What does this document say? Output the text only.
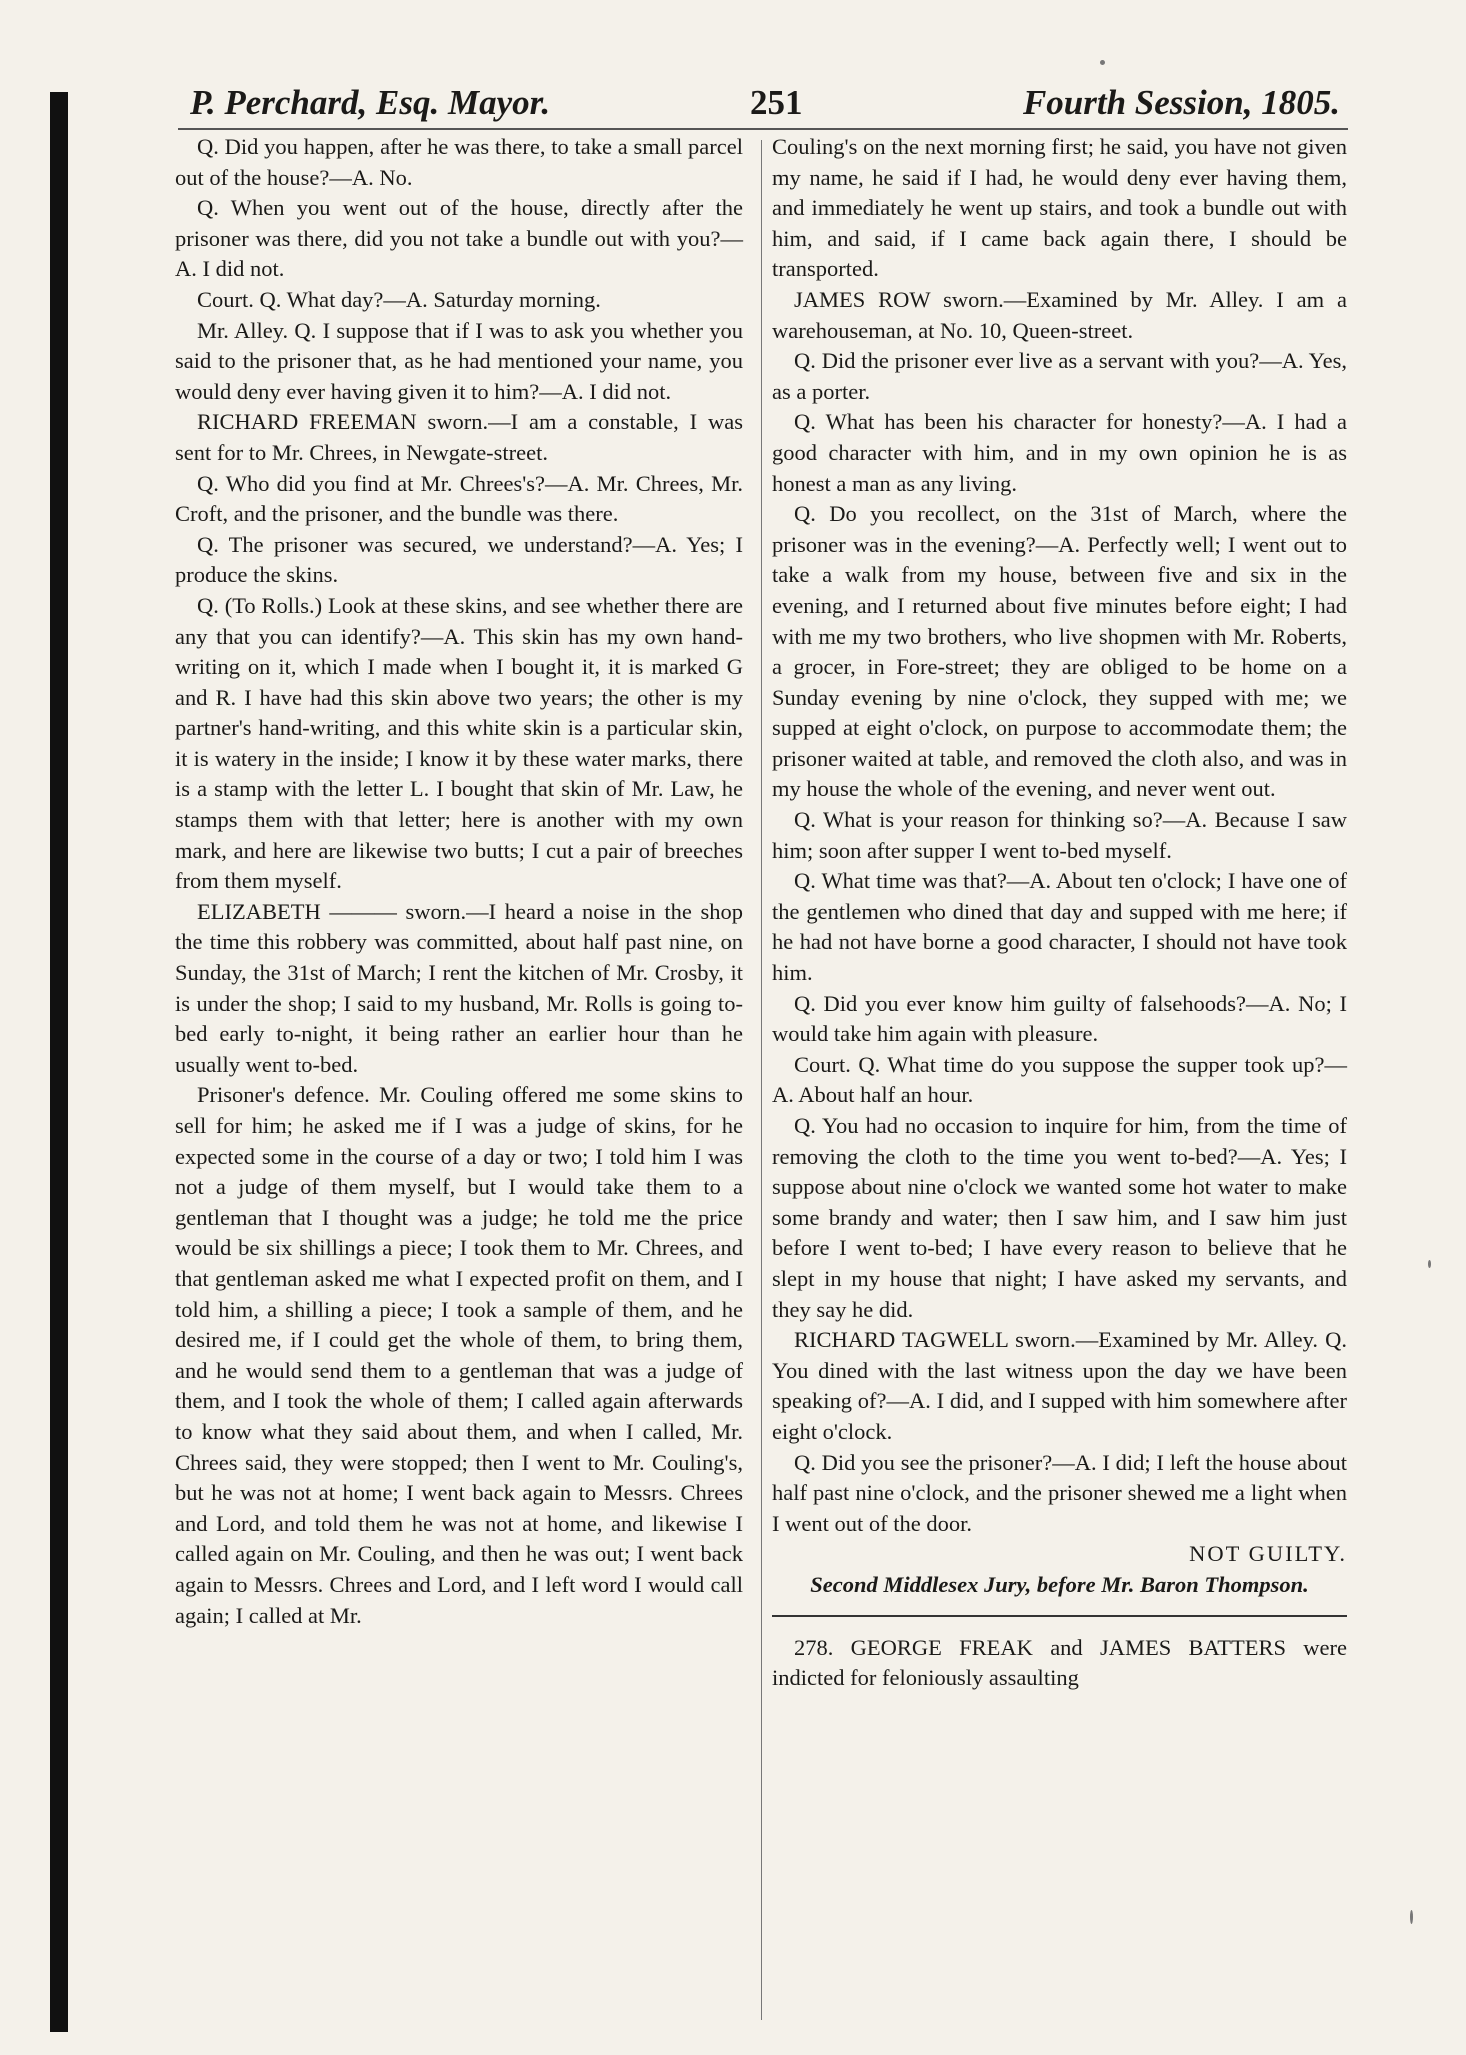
P. Perchard, Esq. Mayor.	251	Fourth Session, 1805.

Q. Did you happen, after he was there, to take a small parcel out of the house?—A. No.

Q. When you went out of the house, directly after the prisoner was there, did you not take a bundle out with you?—A. I did not.

Court. Q. What day?—A. Saturday morning.

Mr. Alley. Q. I suppose that if I was to ask you whether you said to the prisoner that, as he had mentioned your name, you would deny ever having given it to him?—A. I did not.

RICHARD FREEMAN sworn.—I am a constable, I was sent for to Mr. Chrees, in Newgate-street.

Q. Who did you find at Mr. Chrees's?—A. Mr. Chrees, Mr. Croft, and the prisoner, and the bundle was there.

Q. The prisoner was secured, we understand?—A. Yes; I produce the skins.

Q. (To Rolls.) Look at these skins, and see whether there are any that you can identify?—A. This skin has my own hand-writing on it, which I made when I bought it, it is marked G and R. I have had this skin above two years; the other is my partner's hand-writing, and this white skin is a particular skin, it is watery in the inside; I know it by these water marks, there is a stamp with the letter L. I bought that skin of Mr. Law, he stamps them with that letter; here is another with my own mark, and here are likewise two butts; I cut a pair of breeches from them myself.

ELIZABETH ——— sworn.—I heard a noise in the shop the time this robbery was committed, about half past nine, on Sunday, the 31st of March; I rent the kitchen of Mr. Crosby, it is under the shop; I said to my husband, Mr. Rolls is going to-bed early to-night, it being rather an earlier hour than he usually went to-bed.

Prisoner's defence. Mr. Couling offered me some skins to sell for him; he asked me if I was a judge of skins, for he expected some in the course of a day or two; I told him I was not a judge of them myself, but I would take them to a gentleman that I thought was a judge; he told me the price would be six shillings a piece; I took them to Mr. Chrees, and that gentleman asked me what I expected profit on them, and I told him, a shilling a piece; I took a sample of them, and he desired me, if I could get the whole of them, to bring them, and he would send them to a gentleman that was a judge of them, and I took the whole of them; I called again afterwards to know what they said about them, and when I called, Mr. Chrees said, they were stopped; then I went to Mr. Couling's, but he was not at home; I went back again to Messrs. Chrees and Lord, and told them he was not at home, and likewise I called again on Mr. Couling, and then he was out; I went back again to Messrs. Chrees and Lord, and I left word I would call again; I called at Mr.

Couling's on the next morning first; he said, you have not given my name, he said if I had, he would deny ever having them, and immediately he went up stairs, and took a bundle out with him, and said, if I came back again there, I should be transported.

JAMES ROW sworn.—Examined by Mr. Alley. I am a warehouseman, at No. 10, Queen-street.

Q. Did the prisoner ever live as a servant with you?—A. Yes, as a porter.

Q. What has been his character for honesty?—A. I had a good character with him, and in my own opinion he is as honest a man as any living.

Q. Do you recollect, on the 31st of March, where the prisoner was in the evening?—A. Perfectly well; I went out to take a walk from my house, between five and six in the evening, and I returned about five minutes before eight; I had with me my two brothers, who live shopmen with Mr. Roberts, a grocer, in Fore-street; they are obliged to be home on a Sunday evening by nine o'clock, they supped with me; we supped at eight o'clock, on purpose to accommodate them; the prisoner waited at table, and removed the cloth also, and was in my house the whole of the evening, and never went out.

Q. What is your reason for thinking so?—A. Because I saw him; soon after supper I went to-bed myself.

Q. What time was that?—A. About ten o'clock; I have one of the gentlemen who dined that day and supped with me here; if he had not have borne a good character, I should not have took him.

Q. Did you ever know him guilty of falsehoods?—A. No; I would take him again with pleasure.

Court. Q. What time do you suppose the supper took up?—A. About half an hour.

Q. You had no occasion to inquire for him, from the time of removing the cloth to the time you went to-bed?—A. Yes; I suppose about nine o'clock we wanted some hot water to make some brandy and water; then I saw him, and I saw him just before I went to-bed; I have every reason to believe that he slept in my house that night; I have asked my servants, and they say he did.

RICHARD TAGWELL sworn.—Examined by Mr. Alley. Q. You dined with the last witness upon the day we have been speaking of?—A. I did, and I supped with him somewhere after eight o'clock.

Q. Did you see the prisoner?—A. I did; I left the house about half past nine o'clock, and the prisoner shewed me a light when I went out of the door.

NOT GUILTY.

Second Middlesex Jury, before Mr. Baron Thompson.

278. GEORGE FREAK and JAMES BATTERS were indicted for feloniously assaulting
